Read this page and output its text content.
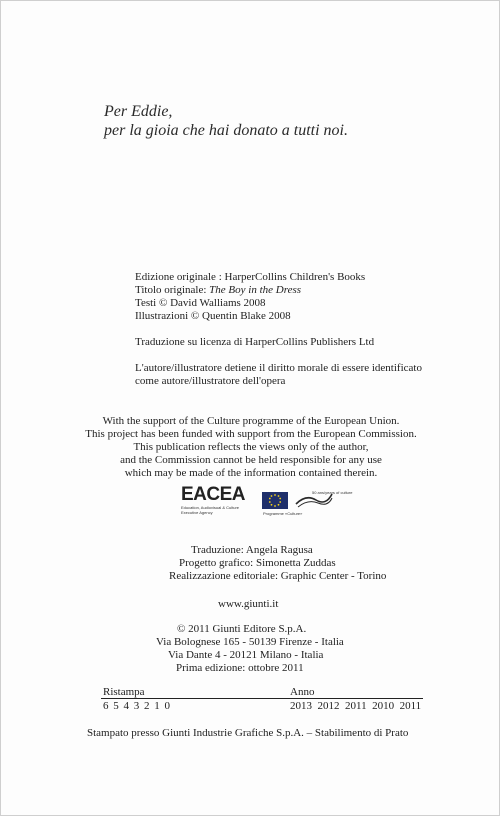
Per Eddie,
per la gioia che hai donato a tutti noi.
Edizione originale : HarperCollins Children's Books
Titolo originale: The Boy in the Dress
Testi © David Walliams 2008
Illustrazioni © Quentin Blake 2008
Traduzione su licenza di HarperCollins Publishers Ltd
L'autore/illustratore detiene il diritto morale di essere identificato
come autore/illustratore dell'opera
With the support of the Culture programme of the European Union.
This project has been funded with support from the European Commission.
This publication reflects the views only of the author,
and the Commission cannot be held responsible for any use
which may be made of the information contained therein.
EACEA
Education, Audiovisual & Culture
Executive Agency
50 ans/years of culture
Programme «Culture»
Traduzione: Angela Ragusa
Progetto grafico: Simonetta Zuddas
Realizzazione editoriale: Graphic Center - Torino
www.giunti.it
© 2011 Giunti Editore S.p.A.
Via Bolognese 165 - 50139 Firenze - Italia
Via Dante 4 - 20121 Milano - Italia
Prima edizione: ottobre 2011
Ristampa	Anno
6 5 4 3 2 1 0	2013  2012  2011  2010  2011
Stampato presso Giunti Industrie Grafiche S.p.A. – Stabilimento di Prato
